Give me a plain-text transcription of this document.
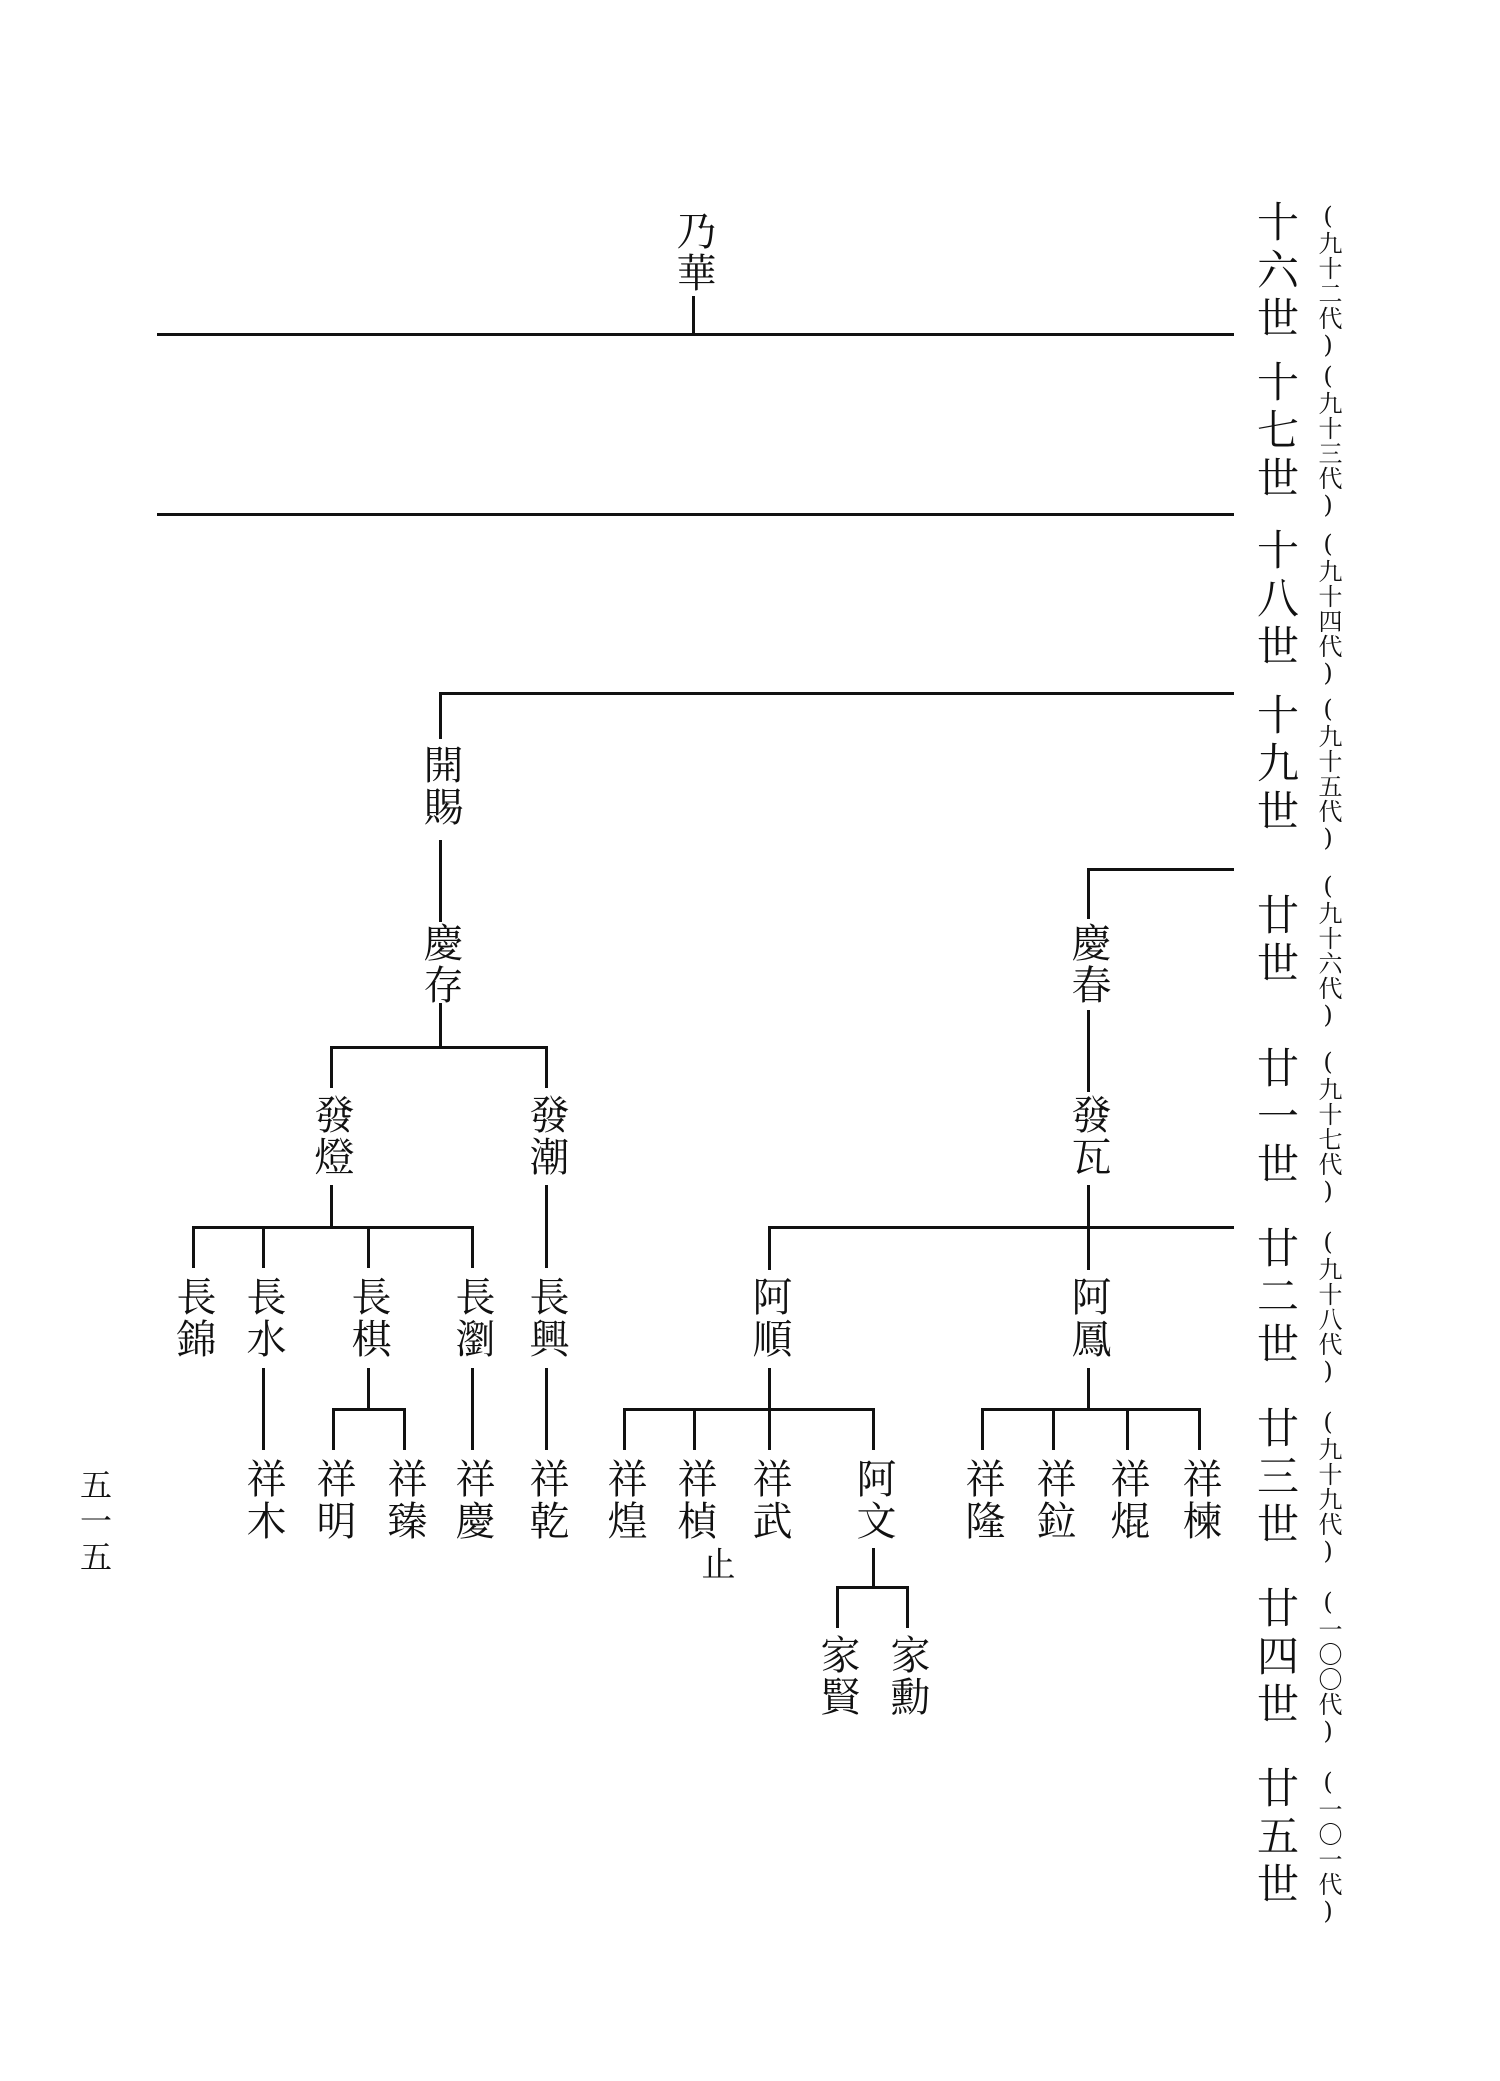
乃華
開賜
慶存	慶春
發燈	發潮	發瓦
長錦 長水 長棋 長瀏 長興	阿順	阿鳳
祥木 祥明 祥臻 祥慶 祥乾 祥煌 祥楨 祥武 阿文 祥隆 祥鉝 祥焜 祥楝
止
家賢 家勳
十六世 (九十二代)
十七世 (九十三代)
十八世 (九十四代)
十九世 (九十五代)
廿世 (九十六代)
廿一世 (九十七代)
廿二世 (九十八代)
廿三世 (九十九代)
廿四世 (一〇〇代)
廿五世 (一〇一代)
五一五
